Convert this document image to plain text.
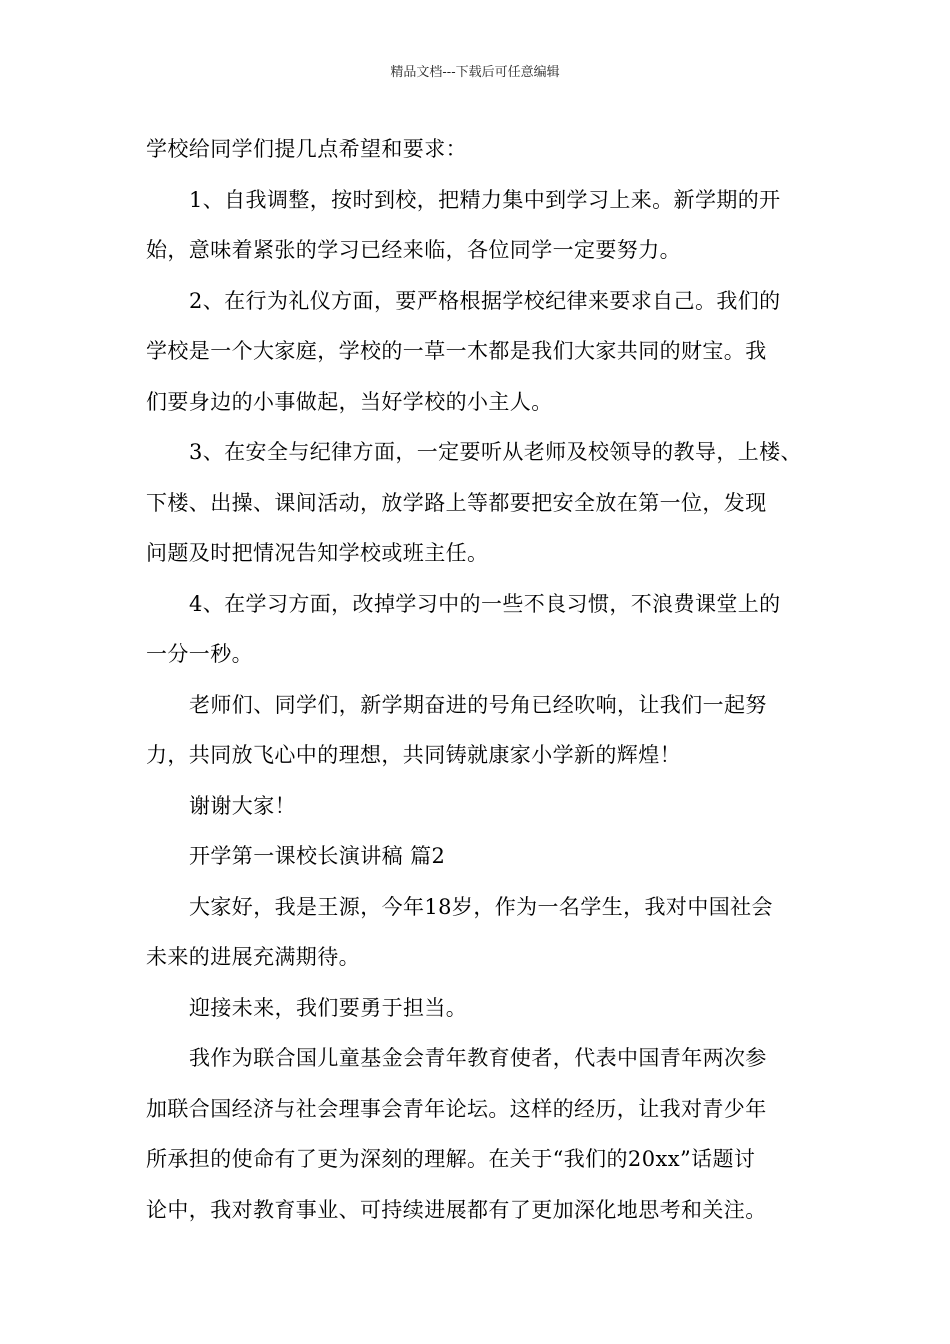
精品文档---下载后可任意编辑

学校给同学们提几点希望和要求：

1、自我调整，按时到校，把精力集中到学习上来。新学期的开

始，意味着紧张的学习已经来临，各位同学一定要努力。

2、在行为礼仪方面，要严格根据学校纪律来要求自己。我们的

学校是一个大家庭，学校的一草一木都是我们大家共同的财宝。我

们要身边的小事做起，当好学校的小主人。

3、在安全与纪律方面，一定要听从老师及校领导的教导，上楼、

下楼、出操、课间活动，放学路上等都要把安全放在第一位，发现

问题及时把情况告知学校或班主任。

4、在学习方面，改掉学习中的一些不良习惯，不浪费课堂上的

一分一秒。

老师们、同学们，新学期奋进的号角已经吹响，让我们一起努

力，共同放飞心中的理想，共同铸就康家小学新的辉煌！

谢谢大家！

开学第一课校长演讲稿 篇2

大家好，我是王源，今年18岁，作为一名学生，我对中国社会

未来的进展充满期待。

迎接未来，我们要勇于担当。

我作为联合国儿童基金会青年教育使者，代表中国青年两次参

加联合国经济与社会理事会青年论坛。这样的经历，让我对青少年

所承担的使命有了更为深刻的理解。在关于“我们的20xx”话题讨

论中，我对教育事业、可持续进展都有了更加深化地思考和关注。
